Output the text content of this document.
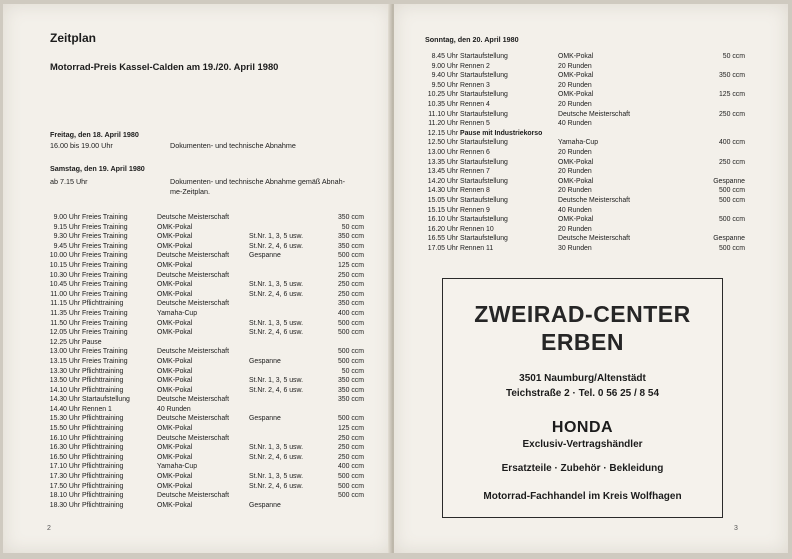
Zeitplan
Motorrad-Preis Kassel-Calden am 19./20. April 1980
Freitag, den 18. April 1980
16.00 bis 19.00 Uhr	Dokumenten- und technische Abnahme
Samstag, den 19. April 1980
ab 7.15 Uhr	Dokumenten- und technische Abnahme gemäß Abnah-
me-Zeitplan.
9.00 Uhr Freies Training	Deutsche Meisterschaft	350 ccm
9.15 Uhr Freies Training	OMK-Pokal	50 ccm
9.30 Uhr Freies Training	OMK-Pokal	St.Nr. 1, 3, 5 usw.	350 ccm
9.45 Uhr Freies Training	OMK-Pokal	St.Nr. 2, 4, 6 usw.	350 ccm
10.00 Uhr Freies Training	Deutsche Meisterschaft	Gespanne	500 ccm
10.15 Uhr Freies Training	OMK-Pokal	125 ccm
10.30 Uhr Freies Training	Deutsche Meisterschaft	250 ccm
10.45 Uhr Freies Training	OMK-Pokal	St.Nr. 1, 3, 5 usw.	250 ccm
11.00 Uhr Freies Training	OMK-Pokal	St.Nr. 2, 4, 6 usw.	250 ccm
11.15 Uhr Pflichttraining	Deutsche Meisterschaft	350 ccm
11.35 Uhr Freies Training	Yamaha-Cup	400 ccm
11.50 Uhr Freies Training	OMK-Pokal	St.Nr. 1, 3, 5 usw.	500 ccm
12.05 Uhr Freies Training	OMK-Pokal	St.Nr. 2, 4, 6 usw.	500 ccm
12.25 Uhr Pause
13.00 Uhr Freies Training	Deutsche Meisterschaft	500 ccm
13.15 Uhr Freies Training	OMK-Pokal	Gespanne	500 ccm
13.30 Uhr Pflichttraining	OMK-Pokal	50 ccm
13.50 Uhr Pflichttraining	OMK-Pokal	St.Nr. 1, 3, 5 usw.	350 ccm
14.10 Uhr Pflichttraining	OMK-Pokal	St.Nr. 2, 4, 6 usw.	350 ccm
14.30 Uhr Startaufstellung	Deutsche Meisterschaft	350 ccm
14.40 Uhr Rennen 1	40 Runden
15.30 Uhr Pflichttraining	Deutsche Meisterschaft	Gespanne	500 ccm
15.50 Uhr Pflichttraining	OMK-Pokal	125 ccm
16.10 Uhr Pflichttraining	Deutsche Meisterschaft	250 ccm
16.30 Uhr Pflichttraining	OMK-Pokal	St.Nr. 1, 3, 5 usw.	250 ccm
16.50 Uhr Pflichttraining	OMK-Pokal	St.Nr. 2, 4, 6 usw.	250 ccm
17.10 Uhr Pflichttraining	Yamaha-Cup	400 ccm
17.30 Uhr Pflichttraining	OMK-Pokal	St.Nr. 1, 3, 5 usw.	500 ccm
17.50 Uhr Pflichttraining	OMK-Pokal	St.Nr. 2, 4, 6 usw.	500 ccm
18.10 Uhr Pflichttraining	Deutsche Meisterschaft	500 ccm
18.30 Uhr Pflichttraining	OMK-Pokal	Gespanne
2
Sonntag, den 20. April 1980
8.45 Uhr Startaufstellung	OMK-Pokal	50 ccm
9.00 Uhr Rennen 2	20 Runden
9.40 Uhr Startaufstellung	OMK-Pokal	350 ccm
9.50 Uhr Rennen 3	20 Runden
10.25 Uhr Startaufstellung	OMK-Pokal	125 ccm
10.35 Uhr Rennen 4	20 Runden
11.10 Uhr Startaufstellung	Deutsche Meisterschaft	250 ccm
11.20 Uhr Rennen 5	40 Runden
12.15 Uhr Pause mit Industriekorso
12.50 Uhr Startaufstellung	Yamaha-Cup	400 ccm
13.00 Uhr Rennen 6	20 Runden
13.35 Uhr Startaufstellung	OMK-Pokal	250 ccm
13.45 Uhr Rennen 7	20 Runden
14.20 Uhr Startaufstellung	OMK-Pokal	Gespanne
14.30 Uhr Rennen 8	20 Runden	500 ccm
15.05 Uhr Startaufstellung	Deutsche Meisterschaft	500 ccm
15.15 Uhr Rennen 9	40 Runden
16.10 Uhr Startaufstellung	OMK-Pokal	500 ccm
16.20 Uhr Rennen 10	20 Runden
16.55 Uhr Startaufstellung	Deutsche Meisterschaft	Gespanne
17.05 Uhr Rennen 11	30 Runden	500 ccm
ZWEIRAD-CENTER
ERBEN
3501 Naumburg/Altenstädt
Teichstraße 2 · Tel. 0 56 25 / 8 54
HONDA
Exclusiv-Vertragshändler
Ersatzteile · Zubehör · Bekleidung
Motorrad-Fachhandel im Kreis Wolfhagen
3
